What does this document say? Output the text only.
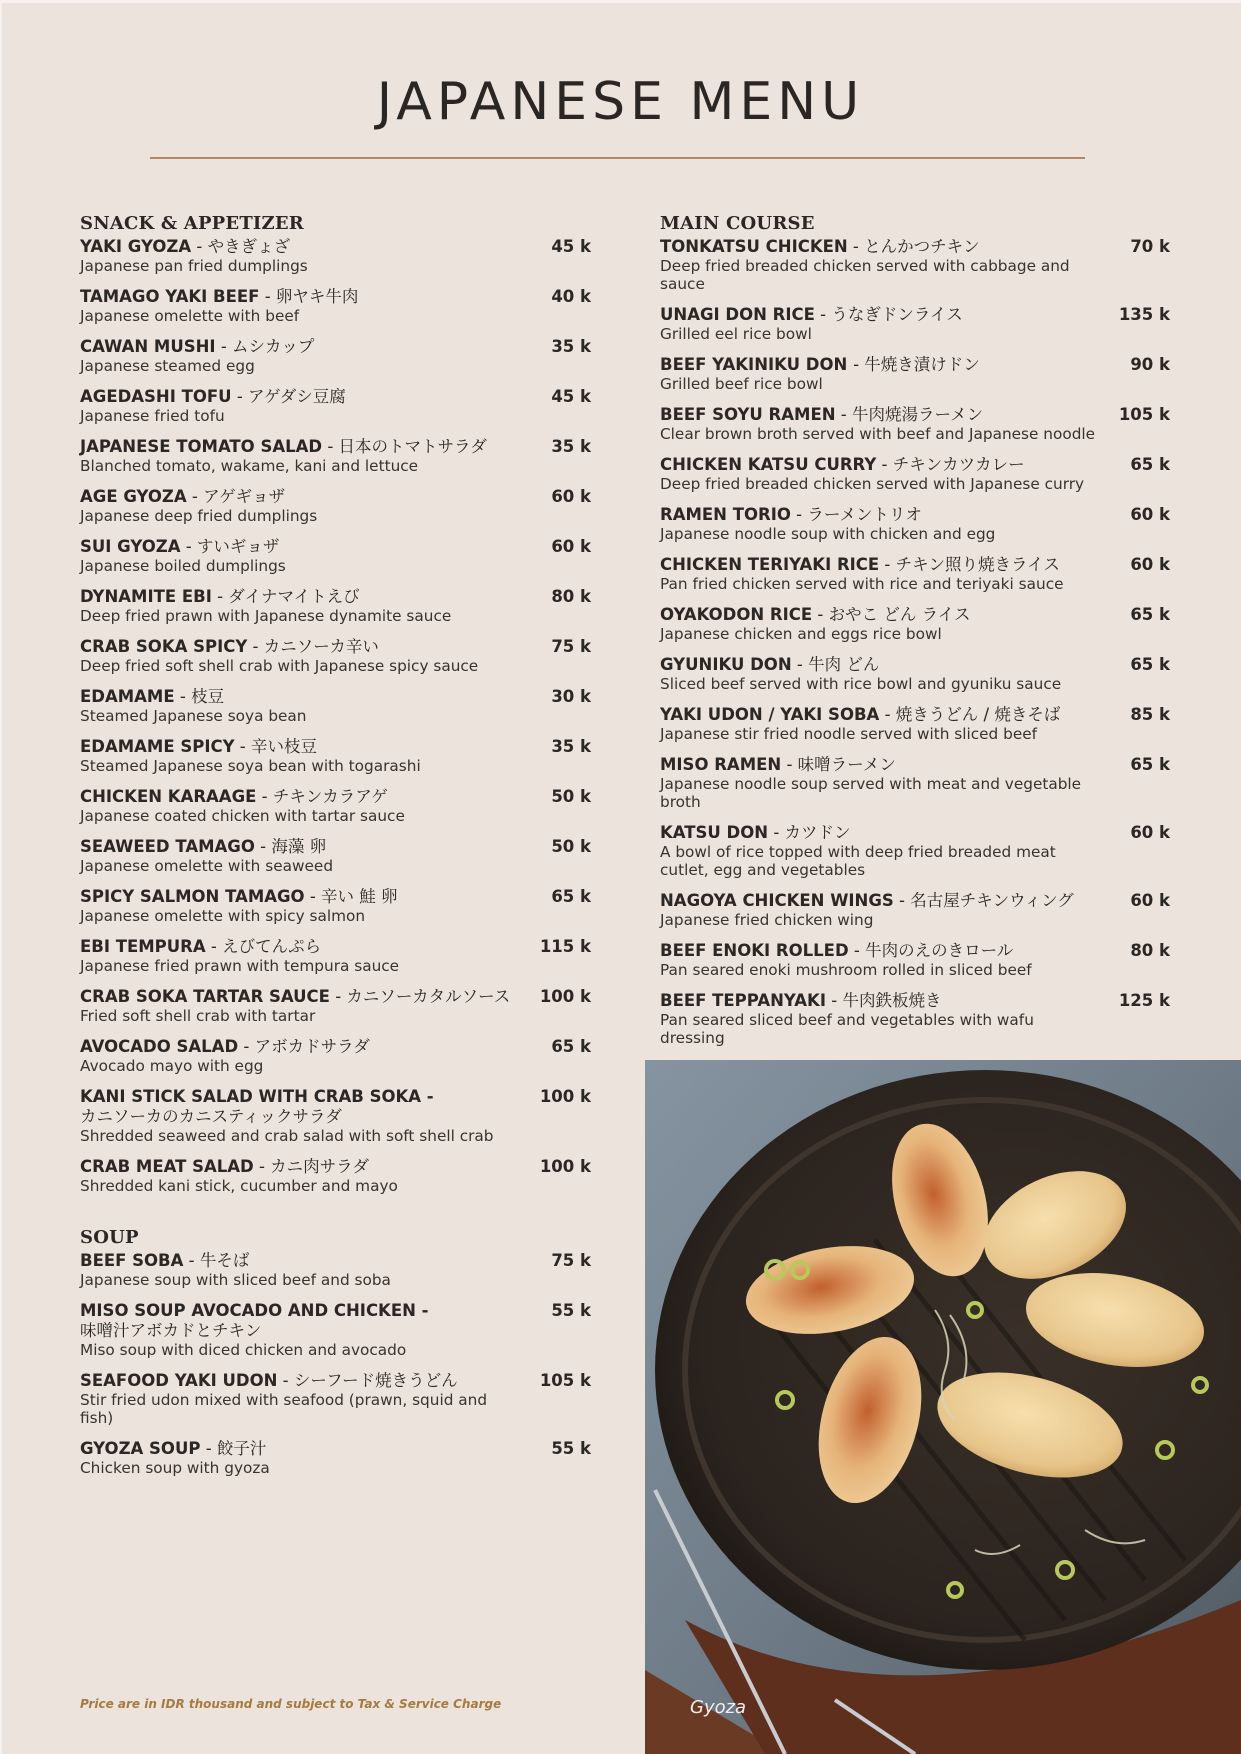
JAPANESE MENU
SNACK & APPETIZER
YAKI GYOZA - やきぎょざ
Japanese pan fried dumplings
45 k
TAMAGO YAKI BEEF - 卵ヤキ牛肉
Japanese omelette with beef
40 k
CAWAN MUSHI - ムシカップ
Japanese steamed egg
35 k
AGEDASHI TOFU - アゲダシ豆腐
Japanese fried tofu
45 k
JAPANESE TOMATO SALAD - 日本のトマトサラダ
Blanched tomato, wakame, kani and lettuce
35 k
AGE GYOZA - アゲギョザ
Japanese deep fried dumplings
60 k
SUI GYOZA - すいギョザ
Japanese boiled dumplings
60 k
DYNAMITE EBI - ダイナマイトえび
Deep fried prawn with Japanese dynamite sauce
80 k
CRAB SOKA SPICY - カニソーカ辛い
Deep fried soft shell crab with Japanese spicy sauce
75 k
EDAMAME - 枝豆
Steamed Japanese soya bean
30 k
EDAMAME SPICY - 辛い枝豆
Steamed Japanese soya bean with togarashi
35 k
CHICKEN KARAAGE - チキンカラアゲ
Japanese coated chicken with tartar sauce
50 k
SEAWEED TAMAGO - 海藻 卵
Japanese omelette with seaweed
50 k
SPICY SALMON TAMAGO - 辛い 鮭 卵
Japanese omelette with spicy salmon
65 k
EBI TEMPURA - えびてんぷら
Japanese fried prawn with tempura sauce
115 k
CRAB SOKA TARTAR SAUCE - カニソーカタルソース
Fried soft shell crab with tartar
100 k
AVOCADO SALAD - アボカドサラダ
Avocado mayo with egg
65 k
KANI STICK SALAD WITH CRAB SOKA -
カニソーカのカニスティックサラダ
Shredded seaweed and crab salad with soft shell crab
100 k
CRAB MEAT SALAD - カニ肉サラダ
Shredded kani stick, cucumber and mayo
100 k
SOUP
BEEF SOBA - 牛そば
Japanese soup with sliced beef and soba
75 k
MISO SOUP AVOCADO AND CHICKEN -
味噌汁アボカドとチキン
Miso soup with diced chicken and avocado
55 k
SEAFOOD YAKI UDON - シーフード焼きうどん
Stir fried udon mixed with seafood (prawn, squid and fish)
105 k
GYOZA SOUP - 餃子汁
Chicken soup with gyoza
55 k
MAIN COURSE
TONKATSU CHICKEN - とんかつチキン
Deep fried breaded chicken served with cabbage and sauce
70 k
UNAGI DON RICE - うなぎドンライス
Grilled eel rice bowl
135 k
BEEF YAKINIKU DON - 牛焼き漬けドン
Grilled beef rice bowl
90 k
BEEF SOYU RAMEN - 牛肉焼湯ラーメン
Clear brown broth served with beef and Japanese noodle
105 k
CHICKEN KATSU CURRY - チキンカツカレー
Deep fried breaded chicken served with Japanese curry
65 k
RAMEN TORIO - ラーメントリオ
Japanese noodle soup with chicken and egg
60 k
CHICKEN TERIYAKI RICE - チキン照り焼きライス
Pan fried chicken served with rice and teriyaki sauce
60 k
OYAKODON RICE - おやこ どん ライス
Japanese chicken and eggs rice bowl
65 k
GYUNIKU DON - 牛肉 どん
Sliced beef served with rice bowl and gyuniku sauce
65 k
YAKI UDON / YAKI SOBA - 焼きうどん / 焼きそば
Japanese stir fried noodle served with sliced beef
85 k
MISO RAMEN - 味噌ラーメン
Japanese noodle soup served with meat and vegetable broth
65 k
KATSU DON - カツドン
A bowl of rice topped with deep fried breaded meat cutlet, egg and vegetables
60 k
NAGOYA CHICKEN WINGS - 名古屋チキンウィング
Japanese fried chicken wing
60 k
BEEF ENOKI ROLLED - 牛肉のえのきロール
Pan seared enoki mushroom rolled in sliced beef
80 k
BEEF TEPPANYAKI - 牛肉鉄板焼き
Pan seared sliced beef and vegetables with wafu dressing
125 k
Gyoza
Price are in IDR thousand and subject to Tax & Service Charge
